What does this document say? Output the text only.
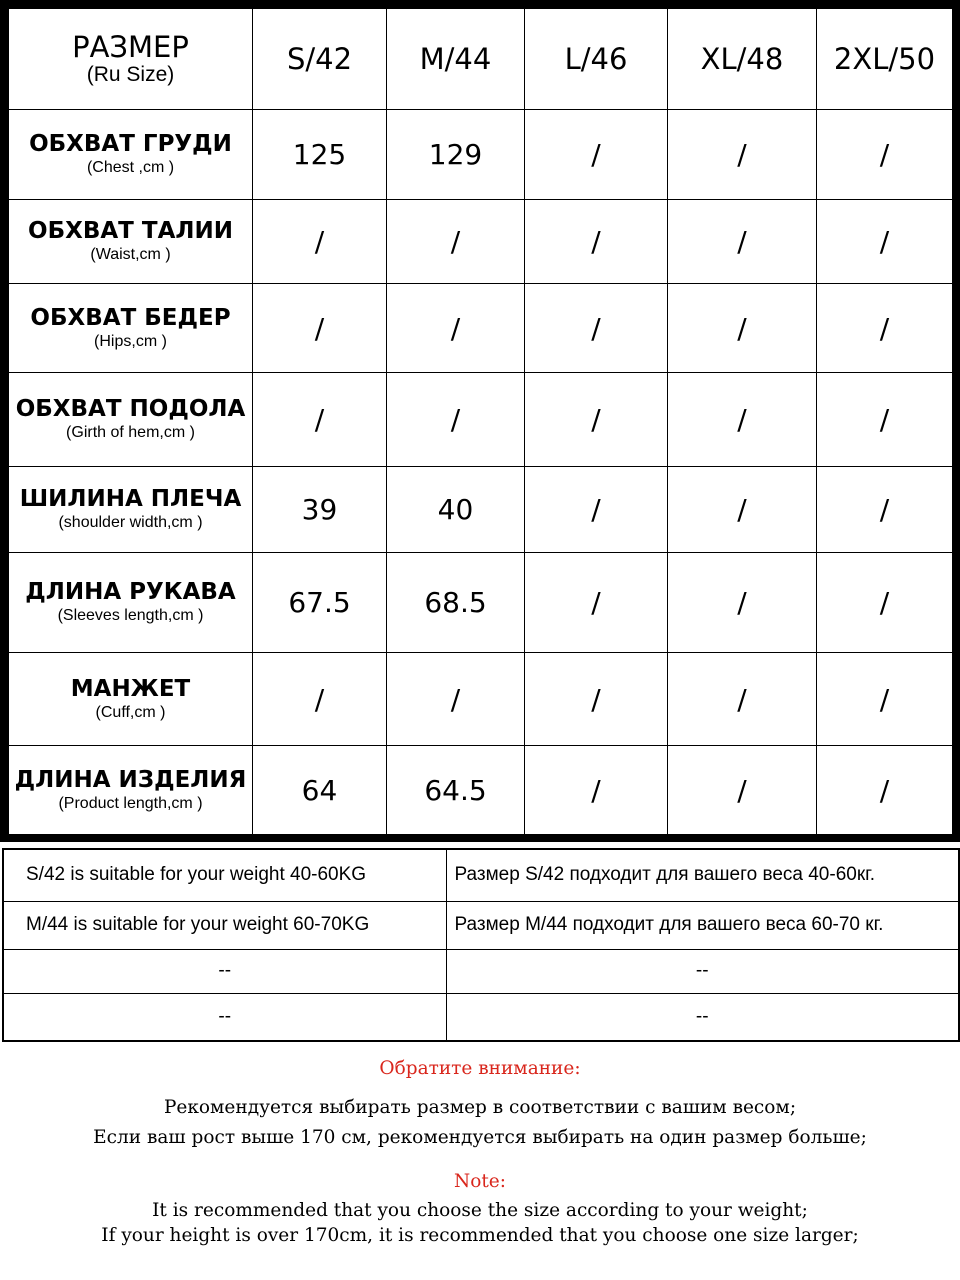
РАЗМЕР
(Ru Size)	S/42	M/44	L/46	XL/48	2XL/50

ОБХВАТ ГРУДИ
(Chest ,cm )	125	129	/	/	/

ОБХВАТ ТАЛИИ
(Waist,cm )	/	/	/	/	/

ОБХВАТ БЕДЕР
(Hips,cm )	/	/	/	/	/

ОБХВАТ ПОДОЛА
(Girth of hem,cm )	/	/	/	/	/

ШИЛИНА ПЛЕЧА
(shoulder width,cm )	39	40	/	/	/

ДЛИНА РУКАВА
(Sleeves length,cm )	67.5	68.5	/	/	/

МАНЖЕТ
(Cuff,cm )	/	/	/	/	/

ДЛИНА ИЗДЕЛИЯ
(Product length,cm )	64	64.5	/	/	/
S/42 is suitable for your weight 40-60KG	Размер S/42 подходит для вашего веса 40-60кг.
M/44 is suitable for your weight 60-70KG	Размер M/44 подходит для вашего веса 60-70 кг.
--	--
--	--
Обратите внимание:
Рекомендуется выбирать размер в соответствии с вашим весом;
Если ваш рост выше 170 см, рекомендуется выбирать на один размер больше;
Note:
It is recommended that you choose the size according to your weight;
If your height is over 170cm, it is recommended that you choose one size larger;
